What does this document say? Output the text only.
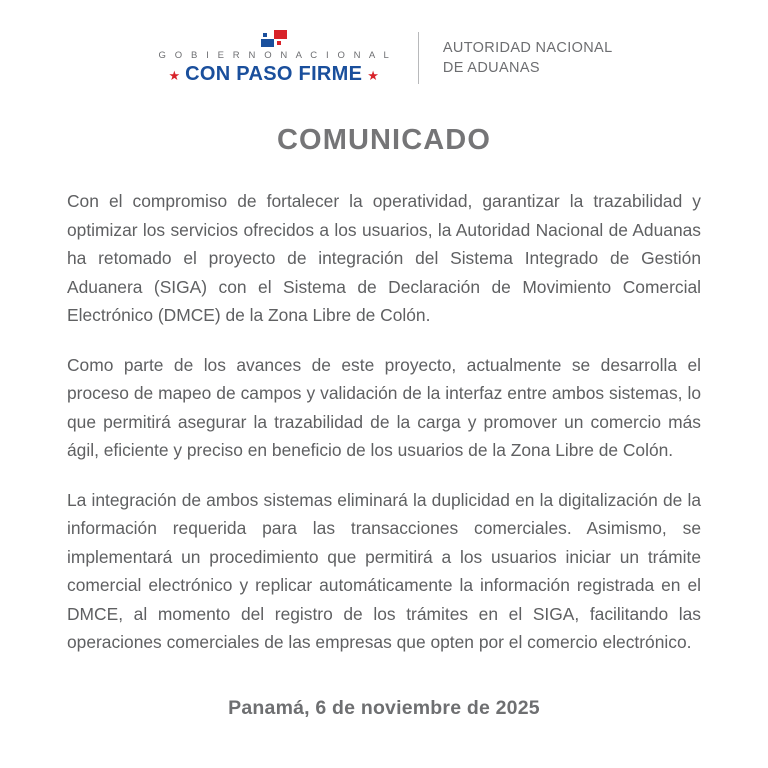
G O B I E R N O N A C I O N A L
★ CON PASO FIRME ★
AUTORIDAD NACIONAL
DE ADUANAS
COMUNICADO

Con el compromiso de fortalecer la operatividad, garantizar la trazabilidad y optimizar los servicios ofrecidos a los usuarios, la Autoridad Nacional de Aduanas ha retomado el proyecto de integración del Sistema Integrado de Gestión Aduanera (SIGA) con el Sistema de Declaración de Movimiento Comercial Electrónico (DMCE) de la Zona Libre de Colón.

Como parte de los avances de este proyecto, actualmente se desarrolla el proceso de mapeo de campos y validación de la interfaz entre ambos sistemas, lo que permitirá asegurar la trazabilidad de la carga y promover un comercio más ágil, eficiente y preciso en beneficio de los usuarios de la Zona Libre de Colón.

La integración de ambos sistemas eliminará la duplicidad en la digitalización de la información requerida para las transacciones comerciales. Asimismo, se implementará un procedimiento que permitirá a los usuarios iniciar un trámite comercial electrónico y replicar automáticamente la información registrada en el DMCE, al momento del registro de los trámites en el SIGA, facilitando las operaciones comerciales de las empresas que opten por el comercio electrónico.

Panamá, 6 de noviembre de 2025
